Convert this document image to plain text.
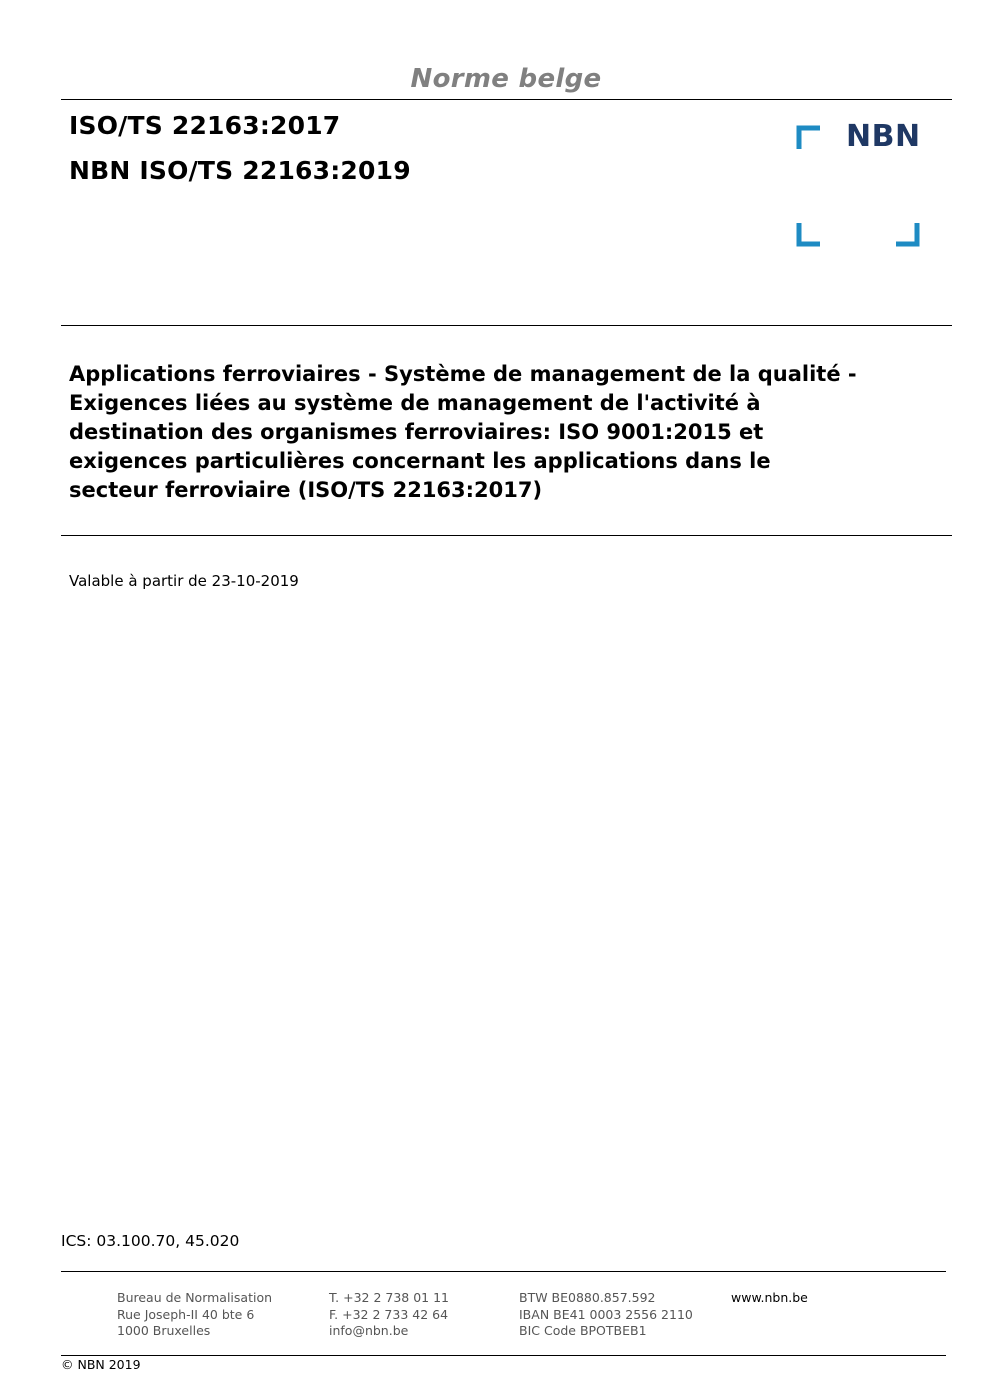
Norme belge
ISO/TS 22163:2017
NBN ISO/TS 22163:2019
NBN
Applications ferroviaires - Système de management de la qualité -
Exigences liées au système de management de l'activité à
destination des organismes ferroviaires: ISO 9001:2015 et
exigences particulières concernant les applications dans le
secteur ferroviaire (ISO/TS 22163:2017)
Valable à partir de 23-10-2019
ICS: 03.100.70, 45.020
Bureau de Normalisation
Rue Joseph-II 40 bte 6
1000 Bruxelles
T. +32 2 738 01 11
F. +32 2 733 42 64
info@nbn.be
BTW BE0880.857.592
IBAN BE41 0003 2556 2110
BIC Code BPOTBEB1
www.nbn.be
© NBN 2019
